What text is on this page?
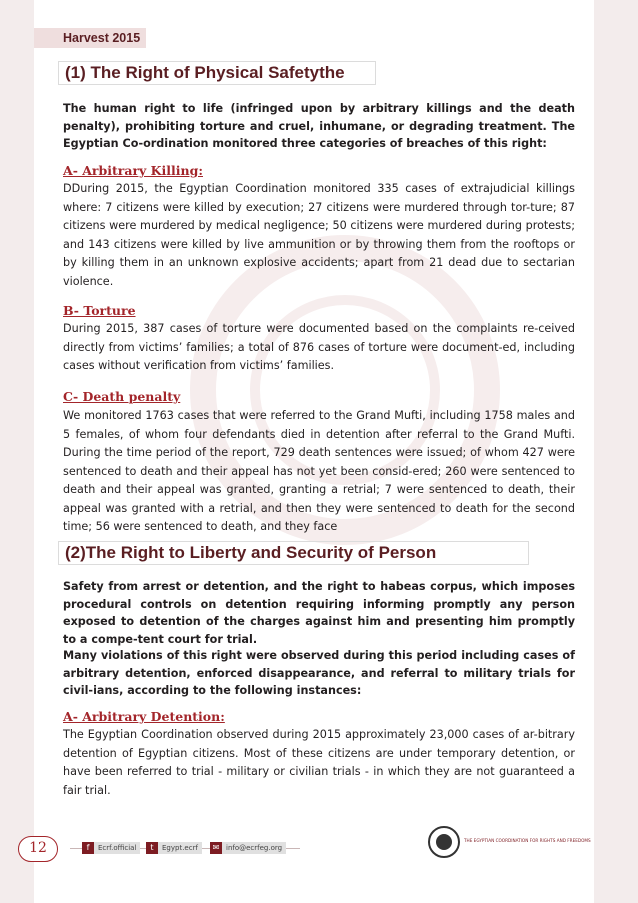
Harvest 2015
(1) The Right of Physical Safetythe

The human right to life (infringed upon by arbitrary killings and the death penalty), prohibiting torture and cruel, inhumane, or degrading treatment. The Egyptian Co-ordination monitored three categories of breaches of this right:

A- Arbitrary Killing:

DDuring 2015, the Egyptian Coordination monitored 335 cases of extrajudicial killings where: 7 citizens were killed by execution; 27 citizens were murdered through tor-ture; 87 citizens were murdered by medical negligence; 50 citizens were murdered during protests; and 143 citizens were killed by live ammunition or by throwing them from the rooftops or by killing them in an unknown explosive accidents; apart from 21 dead due to sectarian violence.

B- Torture

During 2015, 387 cases of torture were documented based on the complaints re-ceived directly from victims’ families; a total of 876 cases of torture were document-ed, including cases without verification from victims’ families.

C- Death penalty

We monitored 1763 cases that were referred to the Grand Mufti, including 1758 males and 5 females, of whom four defendants died in detention after referral to the Grand Mufti. During the time period of the report, 729 death sentences were issued; of whom 427 were sentenced to death and their appeal has not yet been consid-ered; 260 were sentenced to death and their appeal was granted, granting a retrial; 7 were sentenced to death, their appeal was granted with a retrial, and then they were sentenced to death for the second time; 56 were sentenced to death, and they face

(2)The Right to Liberty and Security of Person

Safety from arrest or detention, and the right to habeas corpus, which imposes procedural controls on detention requiring informing promptly any person exposed to detention of the charges against him and presenting him promptly to a compe-tent court for trial.

Many violations of this right were observed during this period including cases of arbitrary detention, enforced disappearance, and referral to military trials for civil-ians, according to the following instances:

A- Arbitrary Detention:

The Egyptian Coordination observed during 2015 approximately 23,000 cases of ar-bitrary detention of Egyptian citizens. Most of these citizens are under temporary detention, or have been referred to trial - military or civilian trials - in which they are not guaranteed a fair trial.

12	f Ecrf.official	t Egypt.ecrf	✉ info@ecrfeg.org
THE EGYPTIAN COORDINATION FOR RIGHTS AND FREEDOMS
